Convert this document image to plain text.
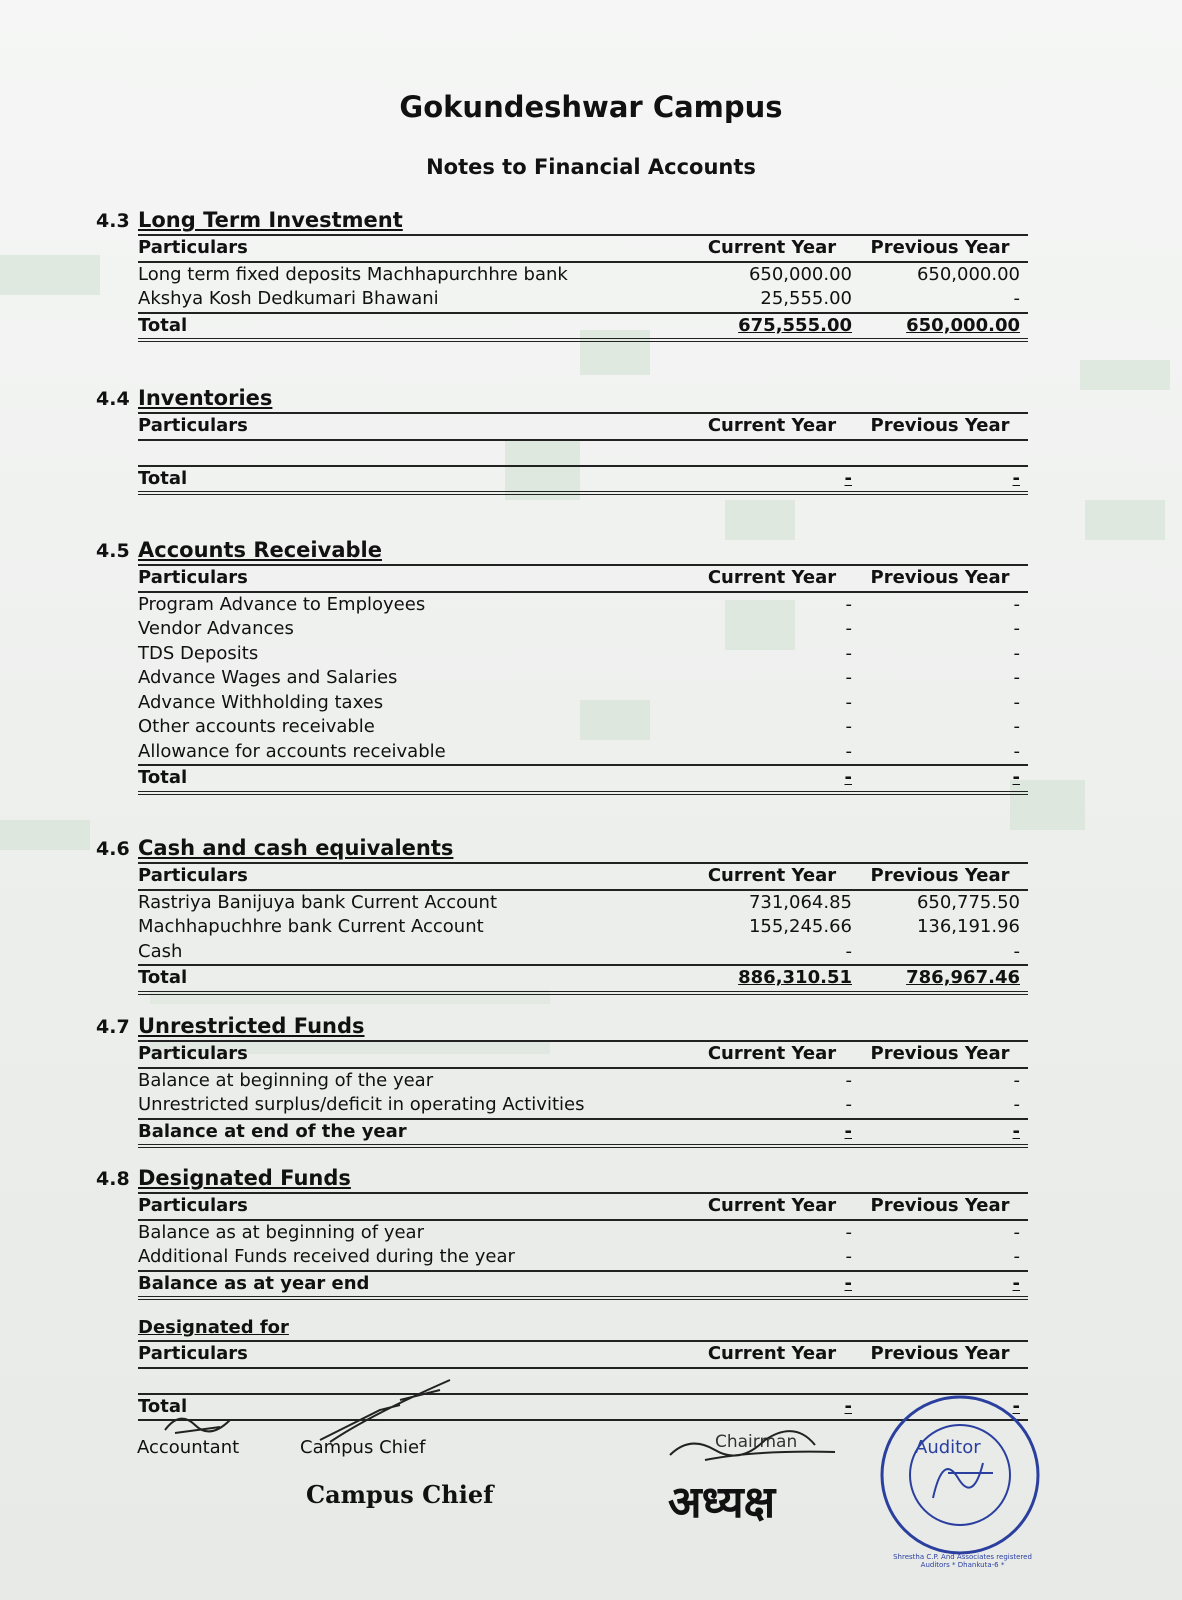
Gokundeshwar Campus
Notes to Financial Accounts
4.3 Long Term Investment
Particulars	Current Year	Previous Year
Long term fixed deposits Machhapurchhre bank	650,000.00	650,000.00
Akshya Kosh Dedkumari Bhawani	25,555.00	-
Total	675,555.00	650,000.00
4.4 Inventories
Particulars	Current Year	Previous Year
Total	-	-
4.5 Accounts Receivable
Particulars	Current Year	Previous Year
Program Advance to Employees	-	-
Vendor Advances	-	-
TDS Deposits	-	-
Advance Wages and Salaries	-	-
Advance Withholding taxes	-	-
Other accounts receivable	-	-
Allowance for accounts receivable	-	-
Total	-	-
4.6 Cash and cash equivalents
Particulars	Current Year	Previous Year
Rastriya Banijuya bank Current Account	731,064.85	650,775.50
Machhapuchhre bank Current Account	155,245.66	136,191.96
Cash	-	-
Total	886,310.51	786,967.46
4.7 Unrestricted Funds
Particulars	Current Year	Previous Year
Balance at beginning of the year	-	-
Unrestricted surplus/deficit in operating Activities	-	-
Balance at end of the year	-	-
4.8 Designated Funds
Particulars	Current Year	Previous Year
Balance as at beginning of year	-	-
Additional Funds received during the year	-	-
Balance as at year end	-	-
Designated for
Particulars	Current Year	Previous Year
Total	-	-
Accountant	Campus Chief
Campus Chief
Chairman
अध्यक्ष
Auditor
Shrestha C.P. And Associates registered Auditors * Dhankuta-6 *
